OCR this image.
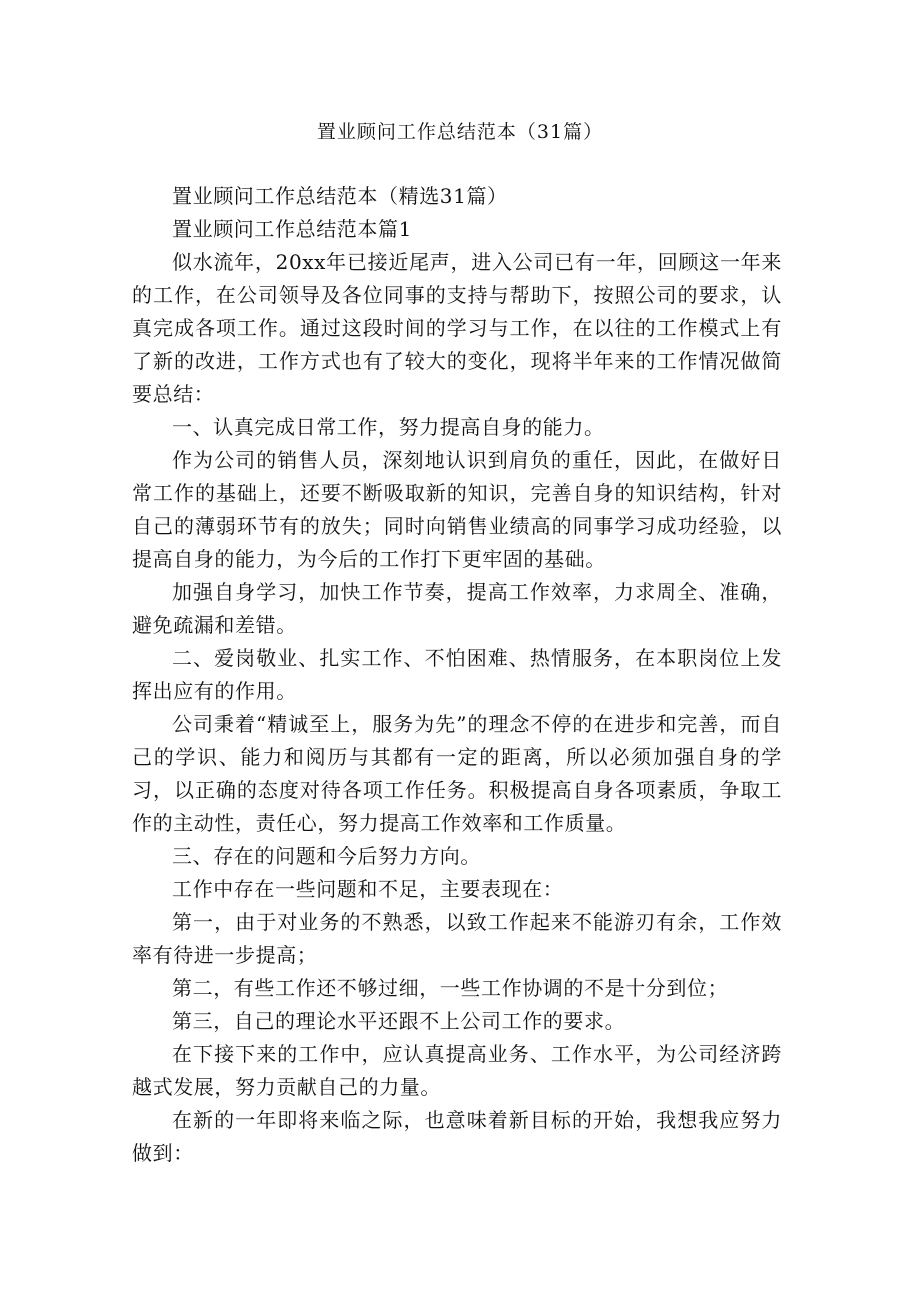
置业顾问工作总结范本（31篇）

置业顾问工作总结范本（精选31篇）

置业顾问工作总结范本篇1

似水流年，20xx年已接近尾声，进入公司已有一年，回顾这一年来的工作，在公司领导及各位同事的支持与帮助下，按照公司的要求，认真完成各项工作。通过这段时间的学习与工作，在以往的工作模式上有了新的改进，工作方式也有了较大的变化，现将半年来的工作情况做简要总结：

一、认真完成日常工作，努力提高自身的能力。

作为公司的销售人员，深刻地认识到肩负的重任，因此，在做好日常工作的基础上，还要不断吸取新的知识，完善自身的知识结构，针对自己的薄弱环节有的放失；同时向销售业绩高的同事学习成功经验，以提高自身的能力，为今后的工作打下更牢固的基础。

加强自身学习，加快工作节奏，提高工作效率，力求周全、准确，避免疏漏和差错。

二、爱岗敬业、扎实工作、不怕困难、热情服务，在本职岗位上发挥出应有的作用。

公司秉着“精诚至上，服务为先”的理念不停的在进步和完善，而自己的学识、能力和阅历与其都有一定的距离，所以必须加强自身的学习，以正确的态度对待各项工作任务。积极提高自身各项素质，争取工作的主动性，责任心，努力提高工作效率和工作质量。

三、存在的问题和今后努力方向。

工作中存在一些问题和不足，主要表现在：

第一，由于对业务的不熟悉，以致工作起来不能游刃有余，工作效率有待进一步提高；

第二，有些工作还不够过细，一些工作协调的不是十分到位；

第三，自己的理论水平还跟不上公司工作的要求。

在下接下来的工作中，应认真提高业务、工作水平，为公司经济跨越式发展，努力贡献自己的力量。

在新的一年即将来临之际，也意味着新目标的开始，我想我应努力做到：
